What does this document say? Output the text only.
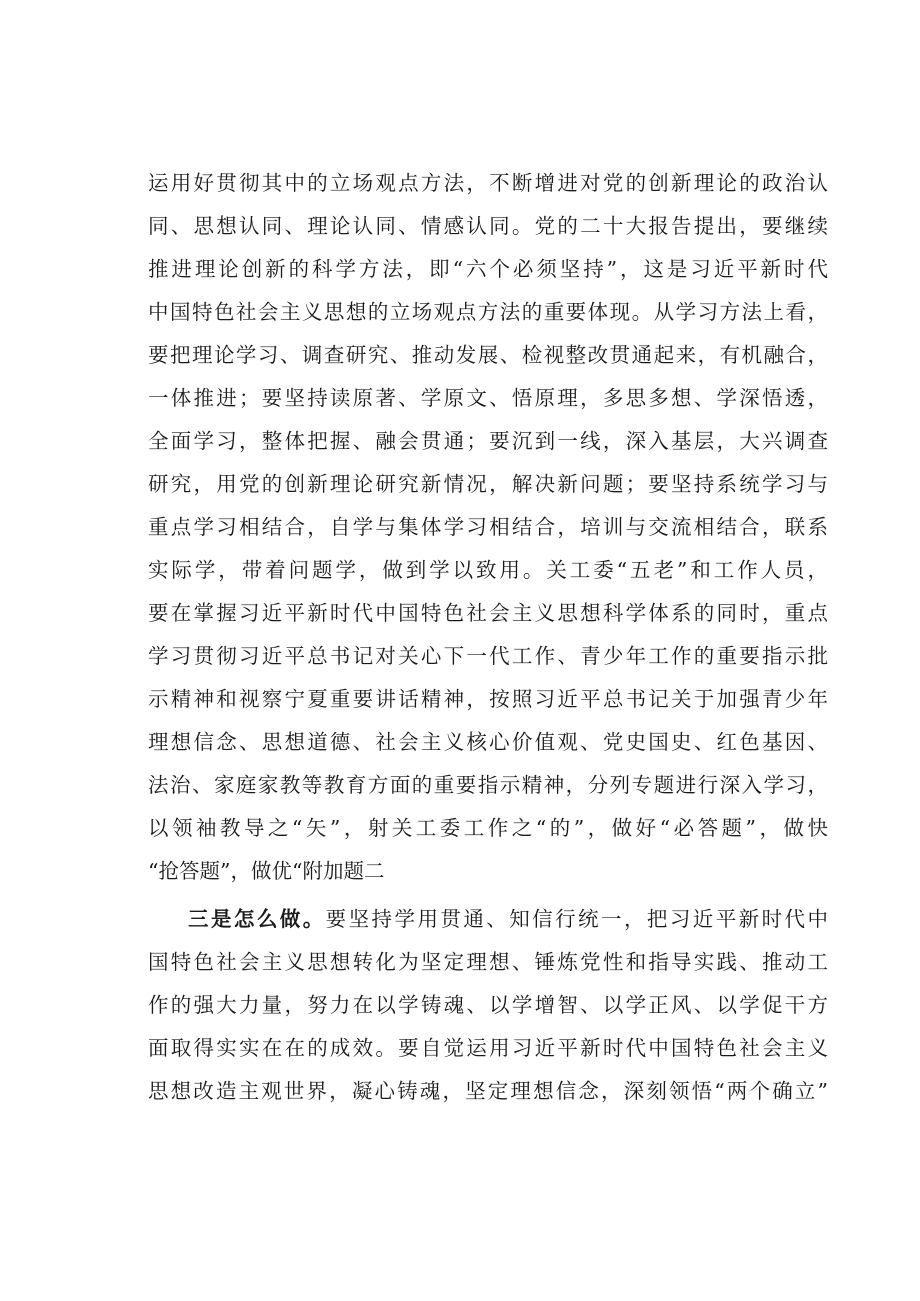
运用好贯彻其中的立场观点方法，不断增进对党的创新理论的政治认
同、思想认同、理论认同、情感认同。党的二十大报告提出，要继续
推进理论创新的科学方法，即“六个必须坚持”，这是习近平新时代
中国特色社会主义思想的立场观点方法的重要体现。从学习方法上看，
要把理论学习、调查研究、推动发展、检视整改贯通起来，有机融合，
一体推进；要坚持读原著、学原文、悟原理，多思多想、学深悟透，
全面学习，整体把握、融会贯通；要沉到一线，深入基层，大兴调查
研究，用党的创新理论研究新情况，解决新问题；要坚持系统学习与
重点学习相结合，自学与集体学习相结合，培训与交流相结合，联系
实际学，带着问题学，做到学以致用。关工委“五老”和工作人员，
要在掌握习近平新时代中国特色社会主义思想科学体系的同时，重点
学习贯彻习近平总书记对关心下一代工作、青少年工作的重要指示批
示精神和视察宁夏重要讲话精神，按照习近平总书记关于加强青少年
理想信念、思想道德、社会主义核心价值观、党史国史、红色基因、
法治、家庭家教等教育方面的重要指示精神，分列专题进行深入学习，
以领袖教导之“矢”，射关工委工作之“的”，做好“必答题”，做快
“抢答题”，做优“附加题二
三是怎么做。要坚持学用贯通、知信行统一，把习近平新时代中
国特色社会主义思想转化为坚定理想、锤炼党性和指导实践、推动工
作的强大力量，努力在以学铸魂、以学增智、以学正风、以学促干方
面取得实实在在的成效。要自觉运用习近平新时代中国特色社会主义
思想改造主观世界，凝心铸魂，坚定理想信念，深刻领悟“两个确立”
